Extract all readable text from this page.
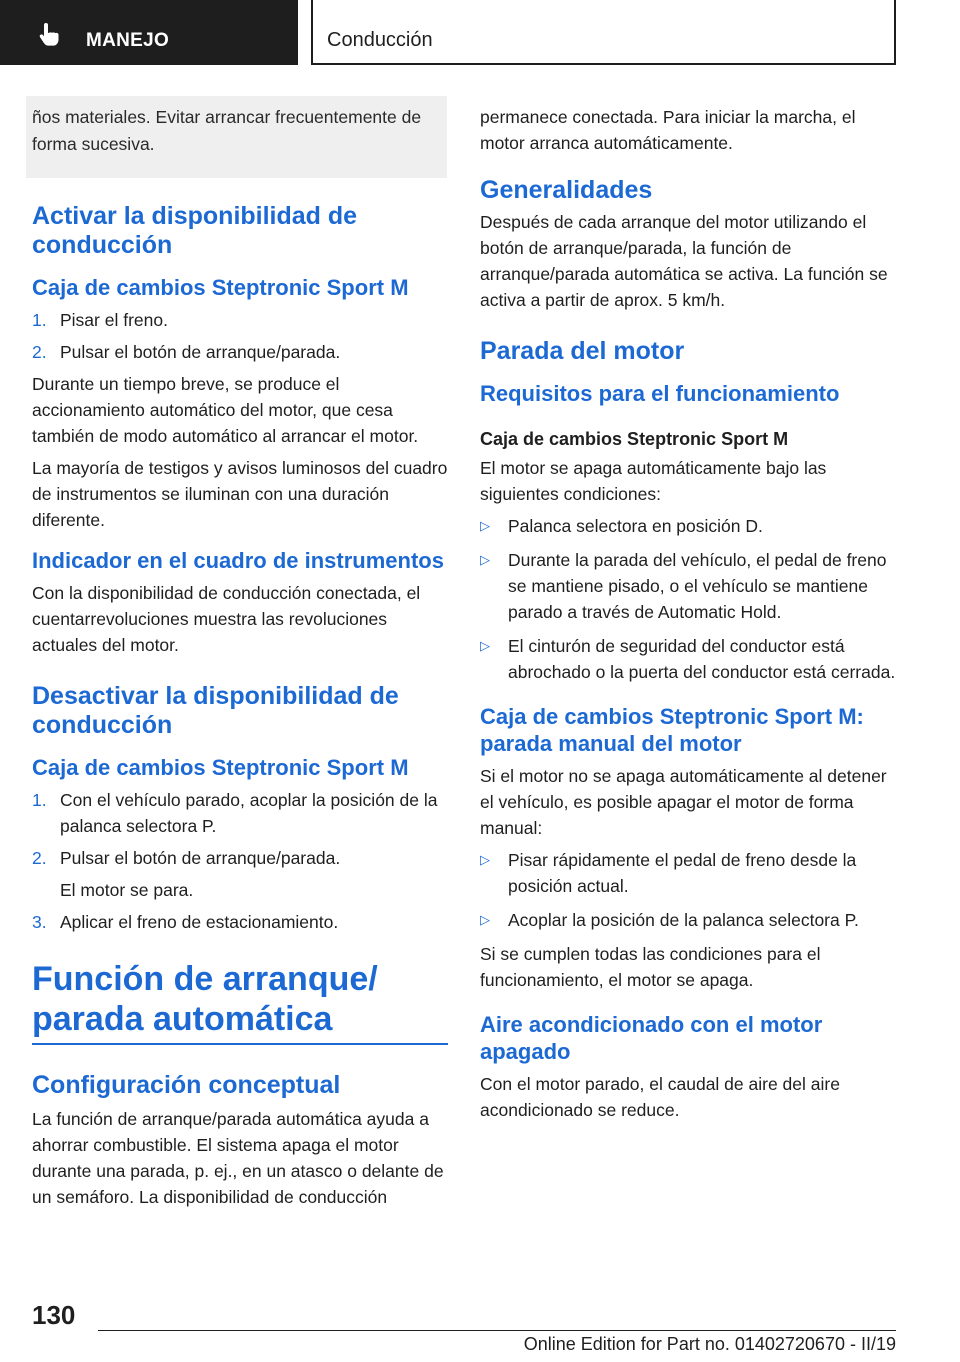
MANEJO	Conducción
ños materiales. Evitar arrancar frecuentemente de forma sucesiva.
Activar la disponibilidad de conducción
Caja de cambios Steptronic Sport M
1. Pisar el freno.
2. Pulsar el botón de arranque/parada.

Durante un tiempo breve, se produce el accionamiento automático del motor, que cesa también de modo automático al arrancar el motor.

La mayoría de testigos y avisos luminosos del cuadro de instrumentos se iluminan con una duración diferente.

Indicador en el cuadro de instrumentos

Con la disponibilidad de conducción conectada, el cuentarrevoluciones muestra las revoluciones actuales del motor.

Desactivar la disponibilidad de conducción
Caja de cambios Steptronic Sport M
1. Con el vehículo parado, acoplar la posición de la palanca selectora P.
2. Pulsar el botón de arranque/parada.
El motor se para.
3. Aplicar el freno de estacionamiento.
Función de arranque/ parada automática
Configuración conceptual

La función de arranque/parada automática ayuda a ahorrar combustible. El sistema apaga el motor durante una parada, p. ej., en un atasco o delante de un semáforo. La disponibilidad de conducción

permanece conectada. Para iniciar la marcha, el motor arranca automáticamente.

Generalidades

Después de cada arranque del motor utilizando el botón de arranque/parada, la función de arranque/parada automática se activa. La función se activa a partir de aprox. 5 km/h.

Parada del motor
Requisitos para el funcionamiento
Caja de cambios Steptronic Sport M

El motor se apaga automáticamente bajo las siguientes condiciones:

▷	Palanca selectora en posición D.
▷	Durante la parada del vehículo, el pedal de freno se mantiene pisado, o el vehículo se mantiene parado a través de Automatic Hold.
▷	El cinturón de seguridad del conductor está abrochado o la puerta del conductor está cerrada.
Caja de cambios Steptronic Sport M: parada manual del motor

Si el motor no se apaga automáticamente al detener el vehículo, es posible apagar el motor de forma manual:

▷	Pisar rápidamente el pedal de freno desde la posición actual.
▷	Acoplar la posición de la palanca selectora P.

Si se cumplen todas las condiciones para el funcionamiento, el motor se apaga.

Aire acondicionado con el motor apagado

Con el motor parado, el caudal de aire del aire acondicionado se reduce.

130
Online Edition for Part no. 01402720670 - II/19
